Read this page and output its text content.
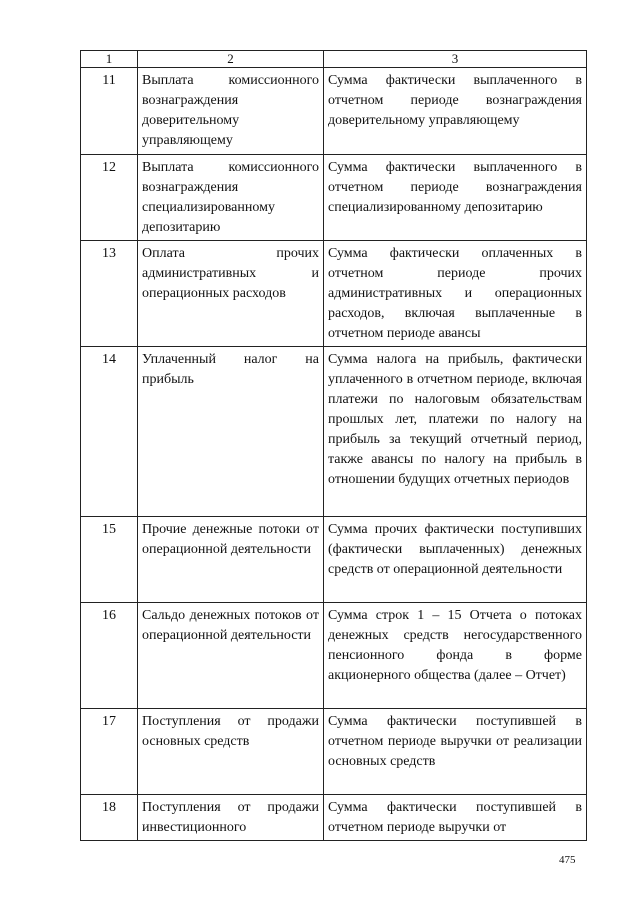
1	2	3
11	Выплата комиссионного вознаграждения доверительному управляющему	Сумма фактически выплаченного в отчетном периоде вознаграждения доверительному управляющему
12	Выплата комиссионного вознаграждения специализированному депозитарию	Сумма фактически выплаченного в отчетном периоде вознаграждения специализированному депозитарию
13	Оплата прочих административных и операционных расходов	Сумма фактически оплаченных в отчетном периоде прочих административных и операционных расходов, включая выплаченные в отчетном периоде авансы
14	Уплаченный налог на прибыль	Сумма налога на прибыль, фактически уплаченного в отчетном периоде, включая платежи по налоговым обязательствам прошлых лет, платежи по налогу на прибыль за текущий отчетный период, также авансы по налогу на прибыль в отношении будущих отчетных периодов
15	Прочие денежные потоки от операционной деятельности	Сумма прочих фактически поступивших (фактически выплаченных) денежных средств от операционной деятельности
16	Сальдо денежных потоков от операционной деятельности	Сумма строк 1 – 15 Отчета о потоках денежных средств негосударственного пенсионного фонда в форме акционерного общества (далее – Отчет)
17	Поступления от продажи основных средств	Сумма фактически поступившей в отчетном периоде выручки от реализации основных средств
18	Поступления от продажи инвестиционного	Сумма фактически поступившей в отчетном периоде выручки от
475
